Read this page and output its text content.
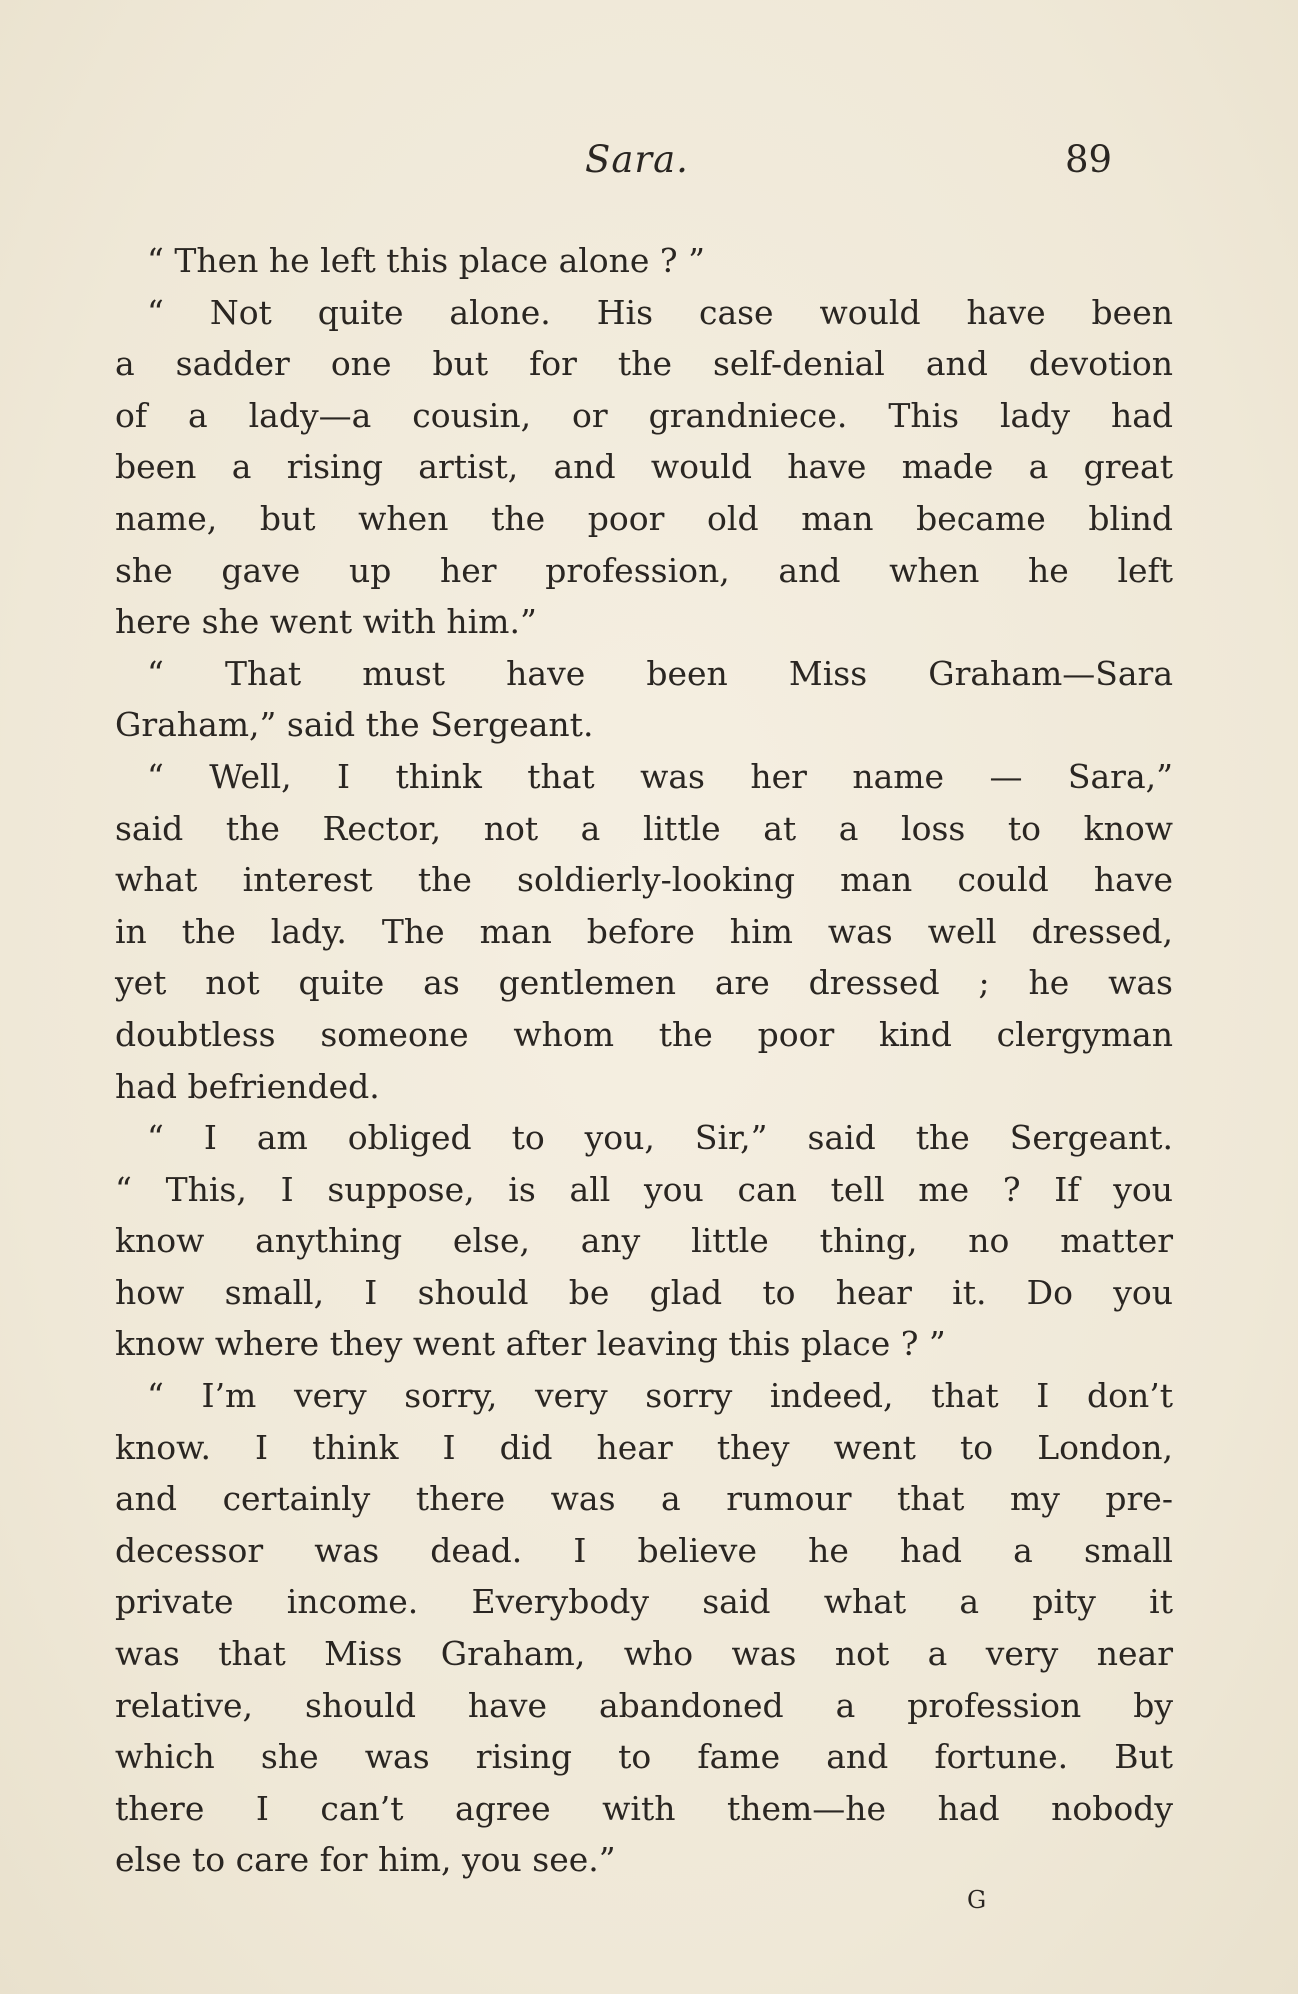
Sara.	89
“ Then he left this place alone ? ”
“ Not quite alone. His case would have been
a sadder one but for the self-denial and devotion
of a lady—a cousin, or grandniece. This lady had
been a rising artist, and would have made a great
name, but when the poor old man became blind
she gave up her profession, and when he left
here she went with him.”
“ That must have been Miss Graham—Sara
Graham,” said the Sergeant.
“ Well, I think that was her name — Sara,”
said the Rector, not a little at a loss to know
what interest the soldierly-looking man could have
in the lady. The man before him was well dressed,
yet not quite as gentlemen are dressed ; he was
doubtless someone whom the poor kind clergyman
had befriended.
“ I am obliged to you, Sir,” said the Sergeant.
“ This, I suppose, is all you can tell me ? If you
know anything else, any little thing, no matter
how small, I should be glad to hear it. Do you
know where they went after leaving this place ? ”
“ I’m very sorry, very sorry indeed, that I don’t
know. I think I did hear they went to London,
and certainly there was a rumour that my pre-
decessor was dead. I believe he had a small
private income. Everybody said what a pity it
was that Miss Graham, who was not a very near
relative, should have abandoned a profession by
which she was rising to fame and fortune. But
there I can’t agree with them—he had nobody
else to care for him, you see.”
G
